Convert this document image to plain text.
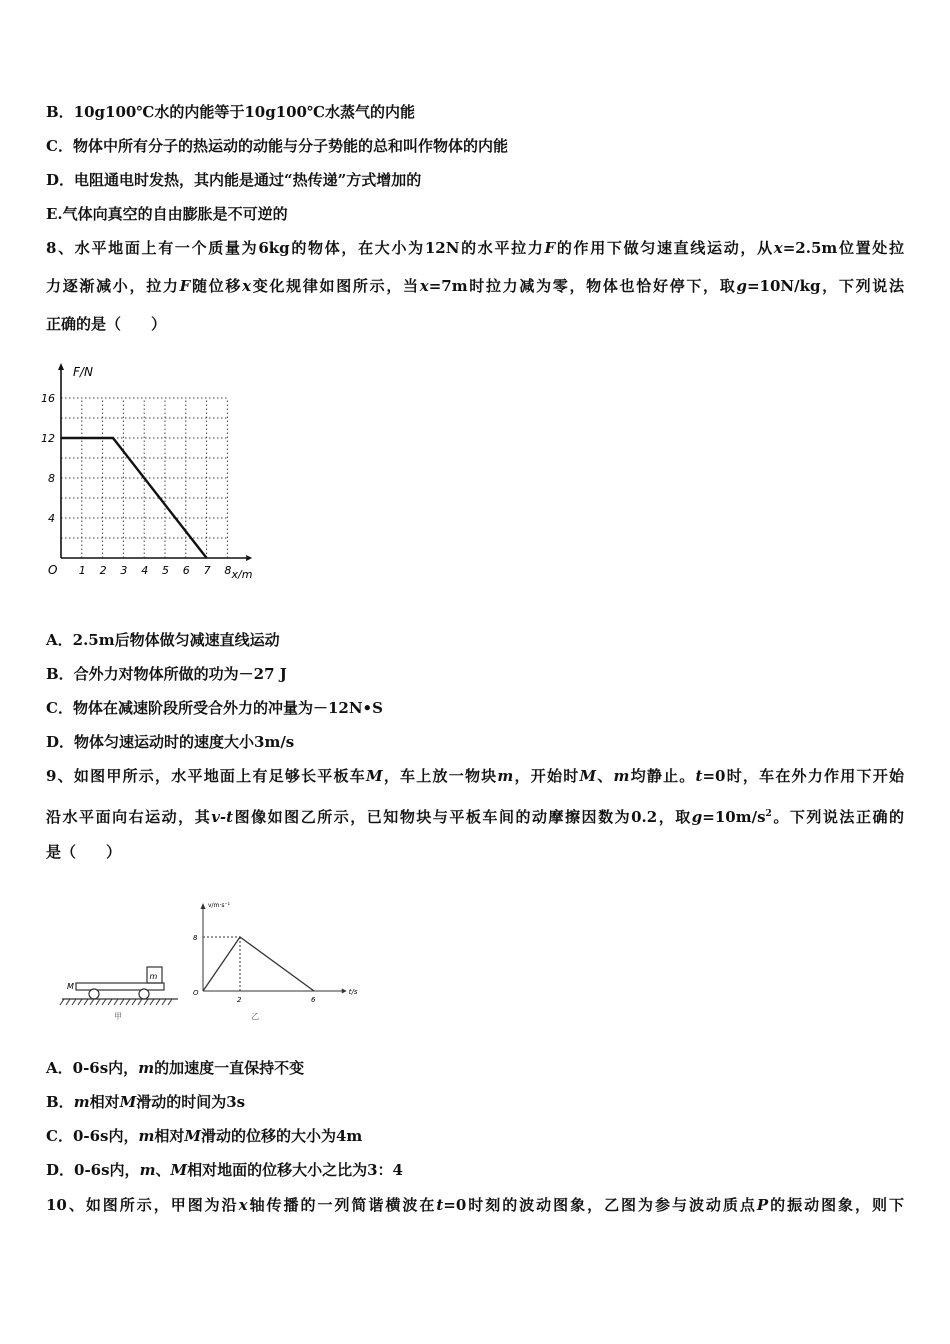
B．10g100℃水的内能等于10g100℃水蒸气的内能
C．物体中所有分子的热运动的动能与分子势能的总和叫作物体的内能
D．电阻通电时发热，其内能是通过“热传递”方式增加的
E.气体向真空的自由膨胀是不可逆的
8、水平地面上有一个质量为6kg的物体，在大小为12N的水平拉力F的作用下做匀速直线运动，从x=2.5m位置处拉
力逐渐减小，拉力F随位移x变化规律如图所示，当x=7m时拉力减为零，物体也恰好停下，取g=10N/kg，下列说法
正确的是（　　）
A．2.5m后物体做匀减速直线运动
B．合外力对物体所做的功为－27 J
C．物体在减速阶段所受合外力的冲量为－12N•S
D．物体匀速运动时的速度大小3m/s
9、如图甲所示，水平地面上有足够长平板车M，车上放一物块m，开始时M、m均静止。t=0时，车在外力作用下开始
沿水平面向右运动，其v-t图像如图乙所示，已知物块与平板车间的动摩擦因数为0.2，取$g=10m/s^2$。下列说法正确的
是（　　）
A．0-6s内，m的加速度一直保持不变
B．m相对M滑动的时间为3s
C．0-6s内，m相对M滑动的位移的大小为4m
D．0-6s内，m、M相对地面的位移大小之比为3：4
10、如图所示，甲图为沿x轴传播的一列简谐横波在t=0时刻的波动图象，乙图为参与波动质点P的振动图象，则下
1 2 3 4 5 6 7 8
4
8
12
16
O
F/N
x/m
m
M
甲
2	6
8
O
v/m·s⁻¹
t/s
乙
